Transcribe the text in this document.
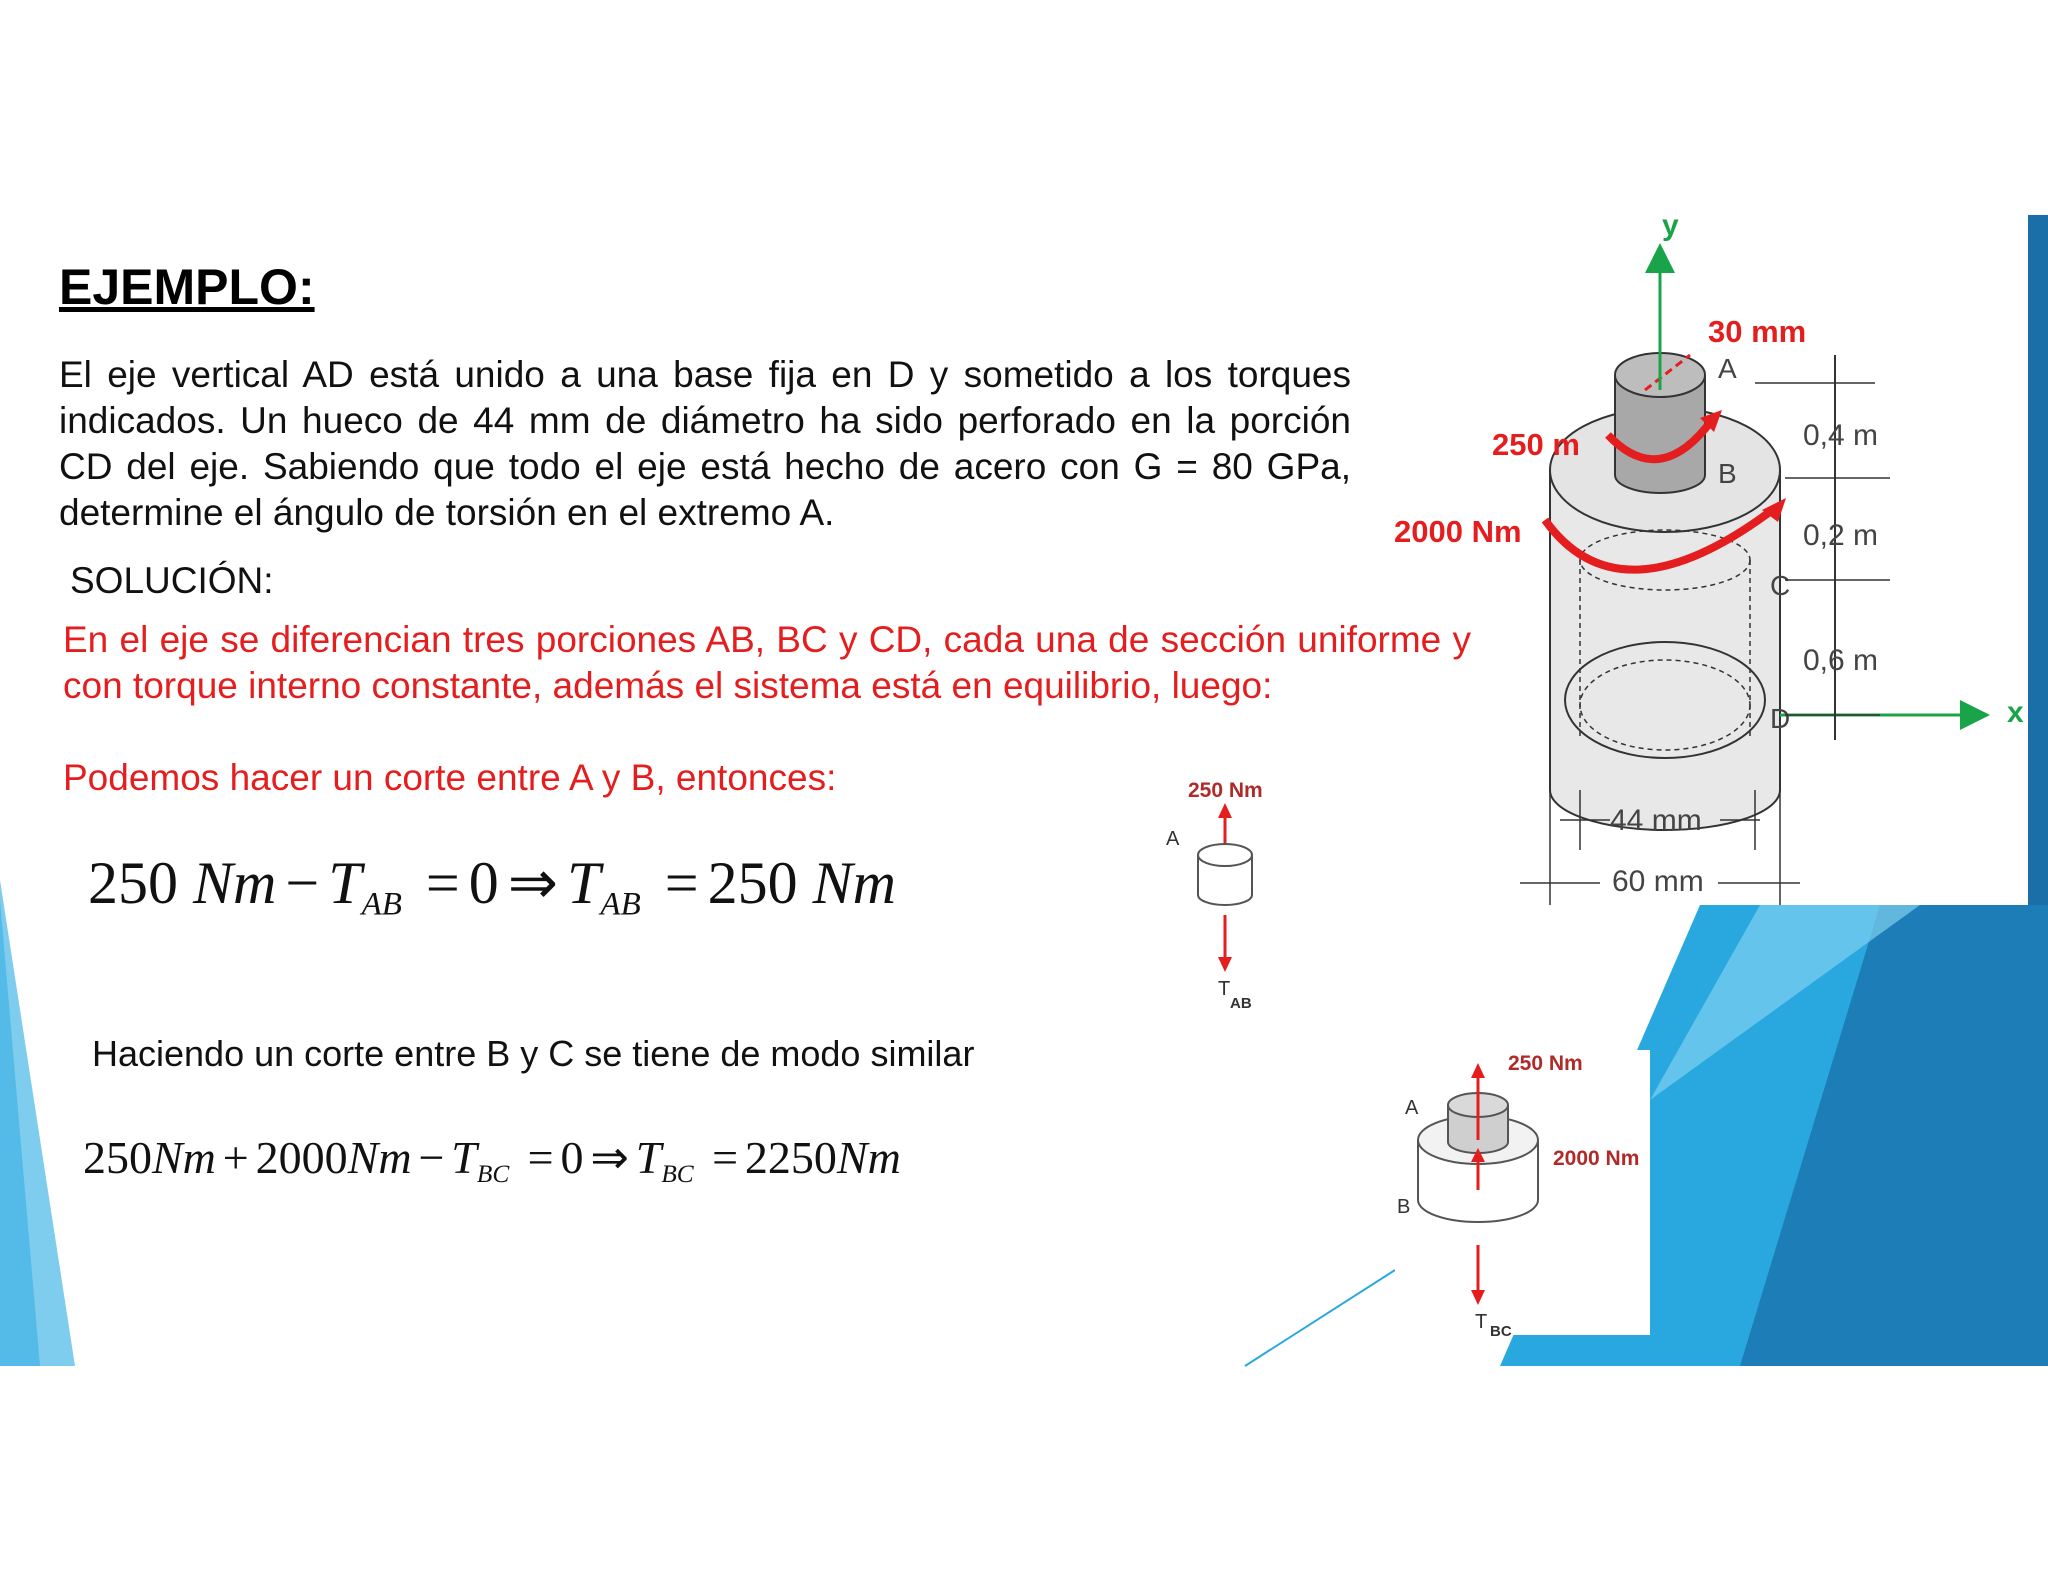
EJEMPLO:
El eje vertical AD está unido a una base fija en D y sometido a los torques indicados. Un hueco de 44 mm de diámetro ha sido perforado en la porción CD del eje. Sabiendo que todo el eje está hecho de acero con G = 80 GPa, determine el ángulo de torsión en el extremo A.
SOLUCIÓN:
En el eje se diferencian tres porciones AB, BC y CD, cada una de sección uniforme y con torque interno constante, además el sistema está en equilibrio, luego:
Podemos hacer un corte entre A y B, entonces:
250 $Nm - T_{AB} = 0$ ⇒ $T_{AB} = 250$ Nm
Haciendo un corte entre B y C se tiene de modo similar
$250Nm + 2000Nm - T_{BC} = 0$ ⇒ $T_{BC} = 2250Nm$
y
x
30 mm
250 m
2000 Nm
A
B
C
D
0,4 m
0,2 m
0,6 m
44 mm
60 mm
250 Nm
A
T
AB
250 Nm
2000 Nm
A
B
T BC
